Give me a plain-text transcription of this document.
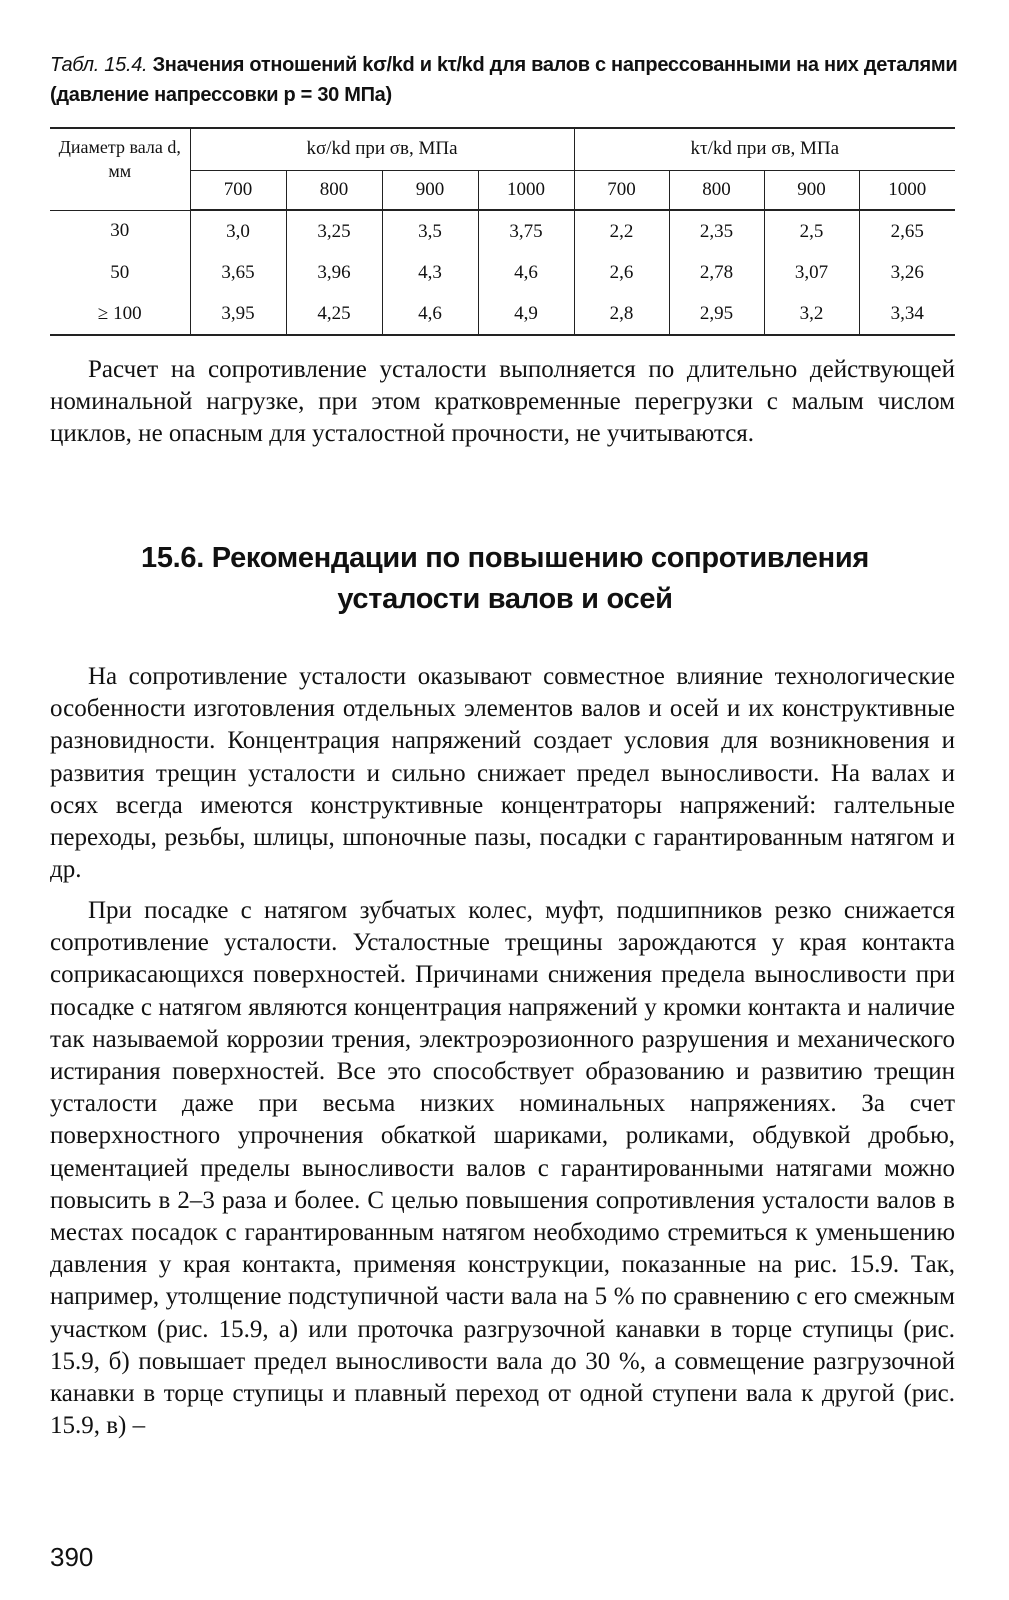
Табл. 15.4. Значения отношений kσ/kd и kτ/kd для валов с напрессованными на них деталями (давление напрессовки p = 30 МПа)
Диаметр вала d, мм	kσ/kd при σв, МПа				kτ/kd при σв, МПа			
	700	800	900	1000	700	800	900	1000
30	3,0	3,25	3,5	3,75	2,2	2,35	2,5	2,65
50	3,65	3,96	4,3	4,6	2,6	2,78	3,07	3,26
≥ 100	3,95	4,25	4,6	4,9	2,8	2,95	3,2	3,34

Расчет на сопротивление усталости выполняется по длительно действующей номинальной нагрузке, при этом кратковременные перегрузки с малым числом циклов, не опасным для усталостной прочности, не учитываются.

15.6. Рекомендации по повышению сопротивления усталости валов и осей

На сопротивление усталости оказывают совместное влияние технологические особенности изготовления отдельных элементов валов и осей и их конструктивные разновидности. Концентрация напряжений создает условия для возникновения и развития трещин усталости и сильно снижает предел выносливости. На валах и осях всегда имеются конструктивные концентраторы напряжений: галтельные переходы, резьбы, шлицы, шпоночные пазы, посадки с гарантированным натягом и др.

При посадке с натягом зубчатых колес, муфт, подшипников резко снижается сопротивление усталости. Усталостные трещины зарождаются у края контакта соприкасающихся поверхностей. Причинами снижения предела выносливости при посадке с натягом являются концентрация напряжений у кромки контакта и наличие так называемой коррозии трения, электроэрозионного разрушения и механического истирания поверхностей. Все это способствует образованию и развитию трещин усталости даже при весьма низких номинальных напряжениях. За счет поверхностного упрочнения обкаткой шариками, роликами, обдувкой дробью, цементацией пределы выносливости валов с гарантированными натягами можно повысить в 2–3 раза и более. С целью повышения сопротивления усталости валов в местах посадок с гарантированным натягом необходимо стремиться к уменьшению давления у края контакта, применяя конструкции, показанные на рис. 15.9. Так, например, утолщение подступичной части вала на 5 % по сравнению с его смежным участком (рис. 15.9, а) или проточка разгрузочной канавки в торце ступицы (рис. 15.9, б) повышает предел выносливости вала до 30 %, а совмещение разгрузочной канавки в торце ступицы и плавный переход от одной ступени вала к другой (рис. 15.9, в) –

390
